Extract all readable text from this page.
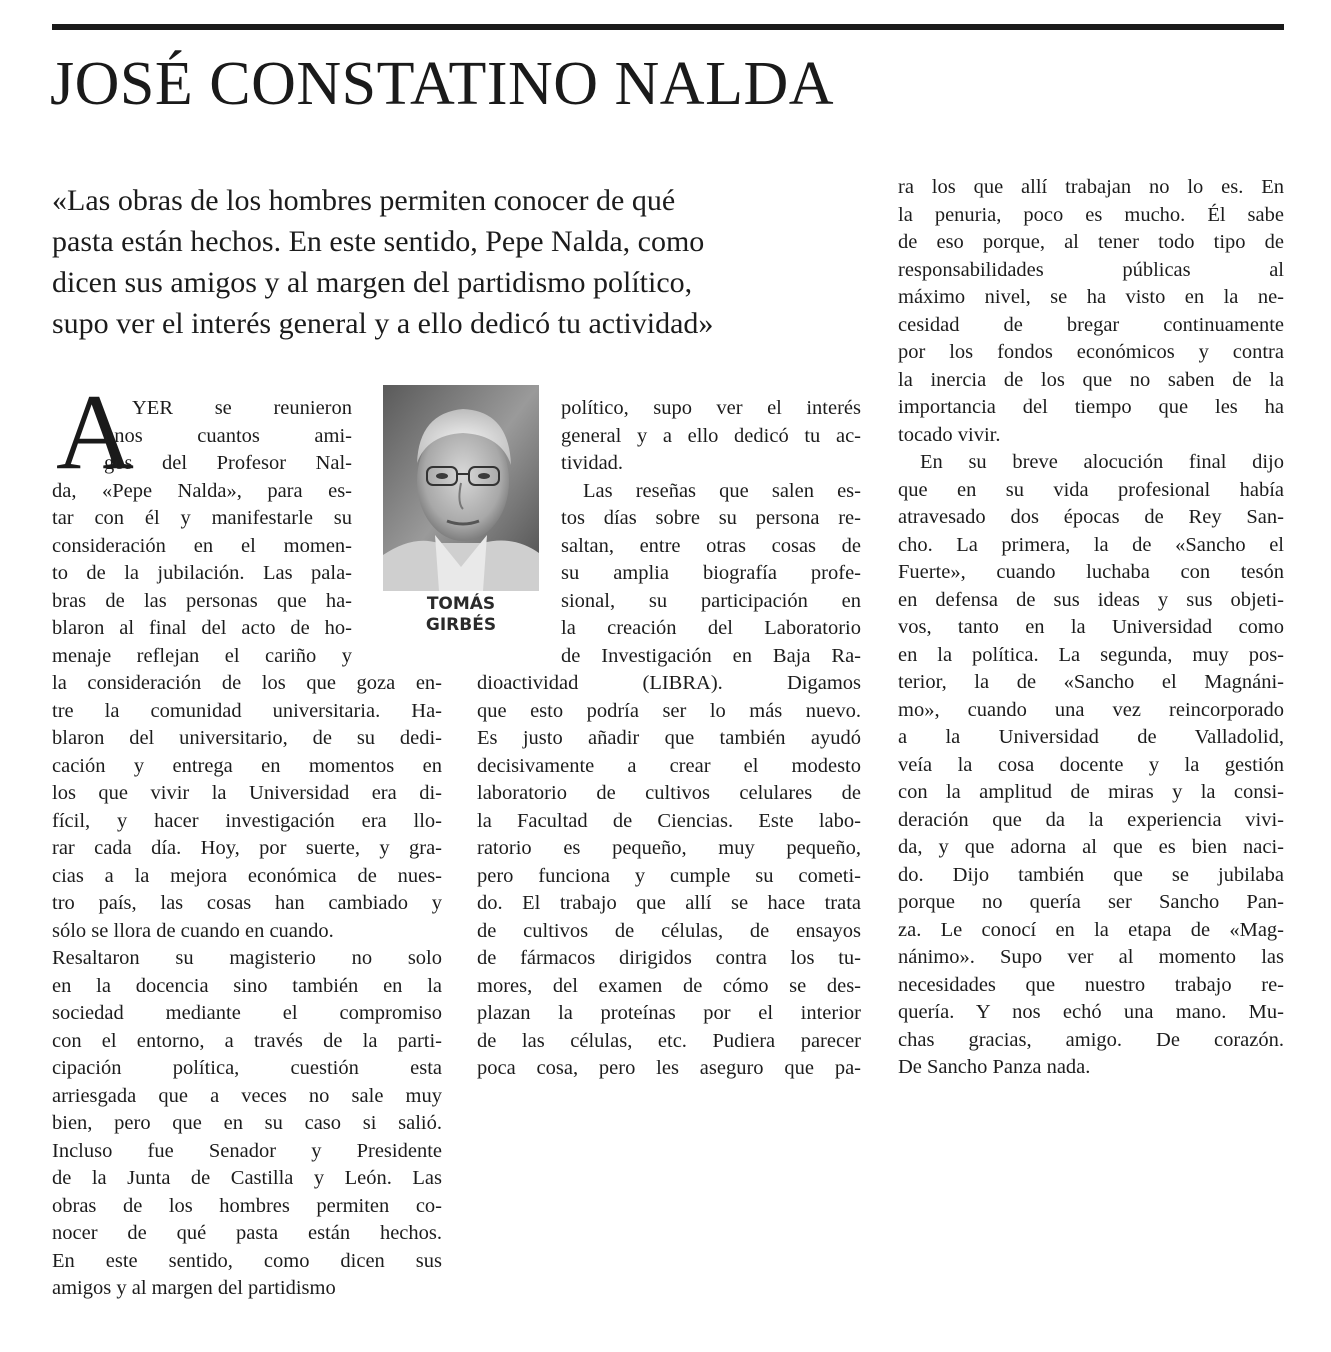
JOSÉ CONSTATINO NALDA
«Las obras de los hombres permiten conocer de qué
pasta están hechos. En este sentido, Pepe Nalda, como
dicen sus amigos y al margen del partidismo político,
supo ver el interés general y a ello dedicó tu actividad»
A
YER se reunieron
unos cuantos ami-
gos del Profesor Nal-
da, «Pepe Nalda», para es-
tar con él y manifestarle su
consideración en el momen-
to de la jubilación. Las pala-
bras de las personas que ha-
blaron al final del acto de ho-
menaje reflejan el cariño y
la consideración de los que goza en-
tre la comunidad universitaria. Ha-
blaron del universitario, de su dedi-
cación y entrega en momentos en
los que vivir la Universidad era di-
fícil, y hacer investigación era llo-
rar cada día. Hoy, por suerte, y gra-
cias a la mejora económica de nues-
tro país, las cosas han cambiado y
sólo se llora de cuando en cuando.
Resaltaron su magisterio no solo
en la docencia sino también en la
sociedad mediante el compromiso
con el entorno, a través de la parti-
cipación política, cuestión esta
arriesgada que a veces no sale muy
bien, pero que en su caso si salió.
Incluso fue Senador y Presidente
de la Junta de Castilla y León. Las
obras de los hombres permiten co-
nocer de qué pasta están hechos.
En este sentido, como dicen sus
amigos y al margen del partidismo
TOMÁS
GIRBÉS
político, supo ver el interés
general y a ello dedicó tu ac-
tividad.
Las reseñas que salen es-
tos días sobre su persona re-
saltan, entre otras cosas de
su amplia biografía profe-
sional, su participación en
la creación del Laboratorio
de Investigación en Baja Ra-
dioactividad (LIBRA). Digamos
que esto podría ser lo más nuevo.
Es justo añadir que también ayudó
decisivamente a crear el modesto
laboratorio de cultivos celulares de
la Facultad de Ciencias. Este labo-
ratorio es pequeño, muy pequeño,
pero funciona y cumple su cometi-
do. El trabajo que allí se hace trata
de cultivos de células, de ensayos
de fármacos dirigidos contra los tu-
mores, del examen de cómo se des-
plazan la proteínas por el interior
de las células, etc. Pudiera parecer
poca cosa, pero les aseguro que pa-
ra los que allí trabajan no lo es. En
la penuria, poco es mucho. Él sabe
de eso porque, al tener todo tipo de
responsabilidades públicas al
máximo nivel, se ha visto en la ne-
cesidad de bregar continuamente
por los fondos económicos y contra
la inercia de los que no saben de la
importancia del tiempo que les ha
tocado vivir.
En su breve alocución final dijo
que en su vida profesional había
atravesado dos épocas de Rey San-
cho. La primera, la de «Sancho el
Fuerte», cuando luchaba con tesón
en defensa de sus ideas y sus objeti-
vos, tanto en la Universidad como
en la política. La segunda, muy pos-
terior, la de «Sancho el Magnáni-
mo», cuando una vez reincorporado
a la Universidad de Valladolid,
veía la cosa docente y la gestión
con la amplitud de miras y la consi-
deración que da la experiencia vivi-
da, y que adorna al que es bien naci-
do. Dijo también que se jubilaba
porque no quería ser Sancho Pan-
za. Le conocí en la etapa de «Mag-
nánimo». Supo ver al momento las
necesidades que nuestro trabajo re-
quería. Y nos echó una mano. Mu-
chas gracias, amigo. De corazón.
De Sancho Panza nada.
